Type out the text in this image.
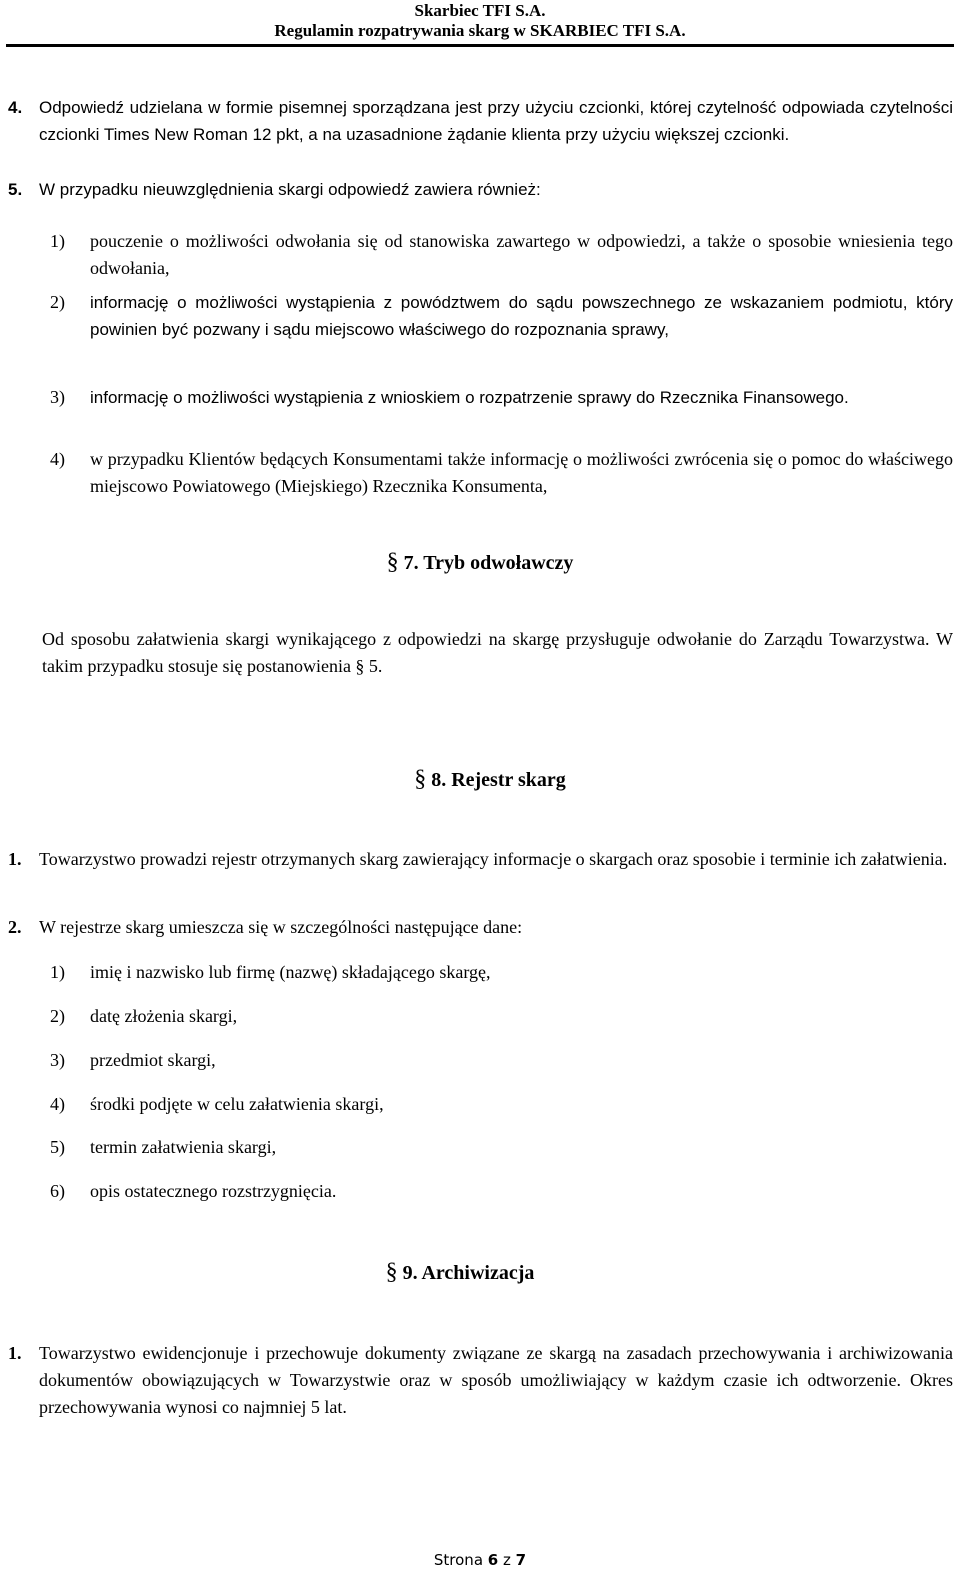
Skarbiec TFI S.A.
Regulamin rozpatrywania skarg w SKARBIEC TFI S.A.
4. Odpowiedź udzielana w formie pisemnej sporządzana jest przy użyciu czcionki, której czytelność odpowiada czytelności czcionki Times New Roman 12 pkt, a na uzasadnione żądanie klienta przy użyciu większej czcionki.
5. W przypadku nieuwzględnienia skargi odpowiedź zawiera również:
1) pouczenie o możliwości odwołania się od stanowiska zawartego w odpowiedzi, a także o sposobie wniesienia tego odwołania,
2) informację o możliwości wystąpienia z powództwem do sądu powszechnego ze wskazaniem podmiotu, który powinien być pozwany i sądu miejscowo właściwego do rozpoznania sprawy,
3) informację o możliwości wystąpienia z wnioskiem o rozpatrzenie sprawy do Rzecznika Finansowego.
4) w przypadku Klientów będących Konsumentami także informację o możliwości zwrócenia się o pomoc do właściwego miejscowo Powiatowego (Miejskiego) Rzecznika Konsumenta,
§ 7. Tryb odwoławczy
Od sposobu załatwienia skargi wynikającego z odpowiedzi na skargę przysługuje odwołanie do Zarządu Towarzystwa. W takim przypadku stosuje się postanowienia § 5.
§ 8. Rejestr skarg
1. Towarzystwo prowadzi rejestr otrzymanych skarg zawierający informacje o skargach oraz sposobie i terminie ich załatwienia.
2. W rejestrze skarg umieszcza się w szczególności następujące dane:
1) imię i nazwisko lub firmę (nazwę) składającego skargę,
2) datę złożenia skargi,
3) przedmiot skargi,
4) środki podjęte w celu załatwienia skargi,
5) termin załatwienia skargi,
6) opis ostatecznego rozstrzygnięcia.
§ 9. Archiwizacja
1. Towarzystwo ewidencjonuje i przechowuje dokumenty związane ze skargą na zasadach przechowywania i archiwizowania dokumentów obowiązujących w Towarzystwie oraz w sposób umożliwiający w każdym czasie ich odtworzenie. Okres przechowywania wynosi co najmniej 5 lat.
Strona 6 z 7
